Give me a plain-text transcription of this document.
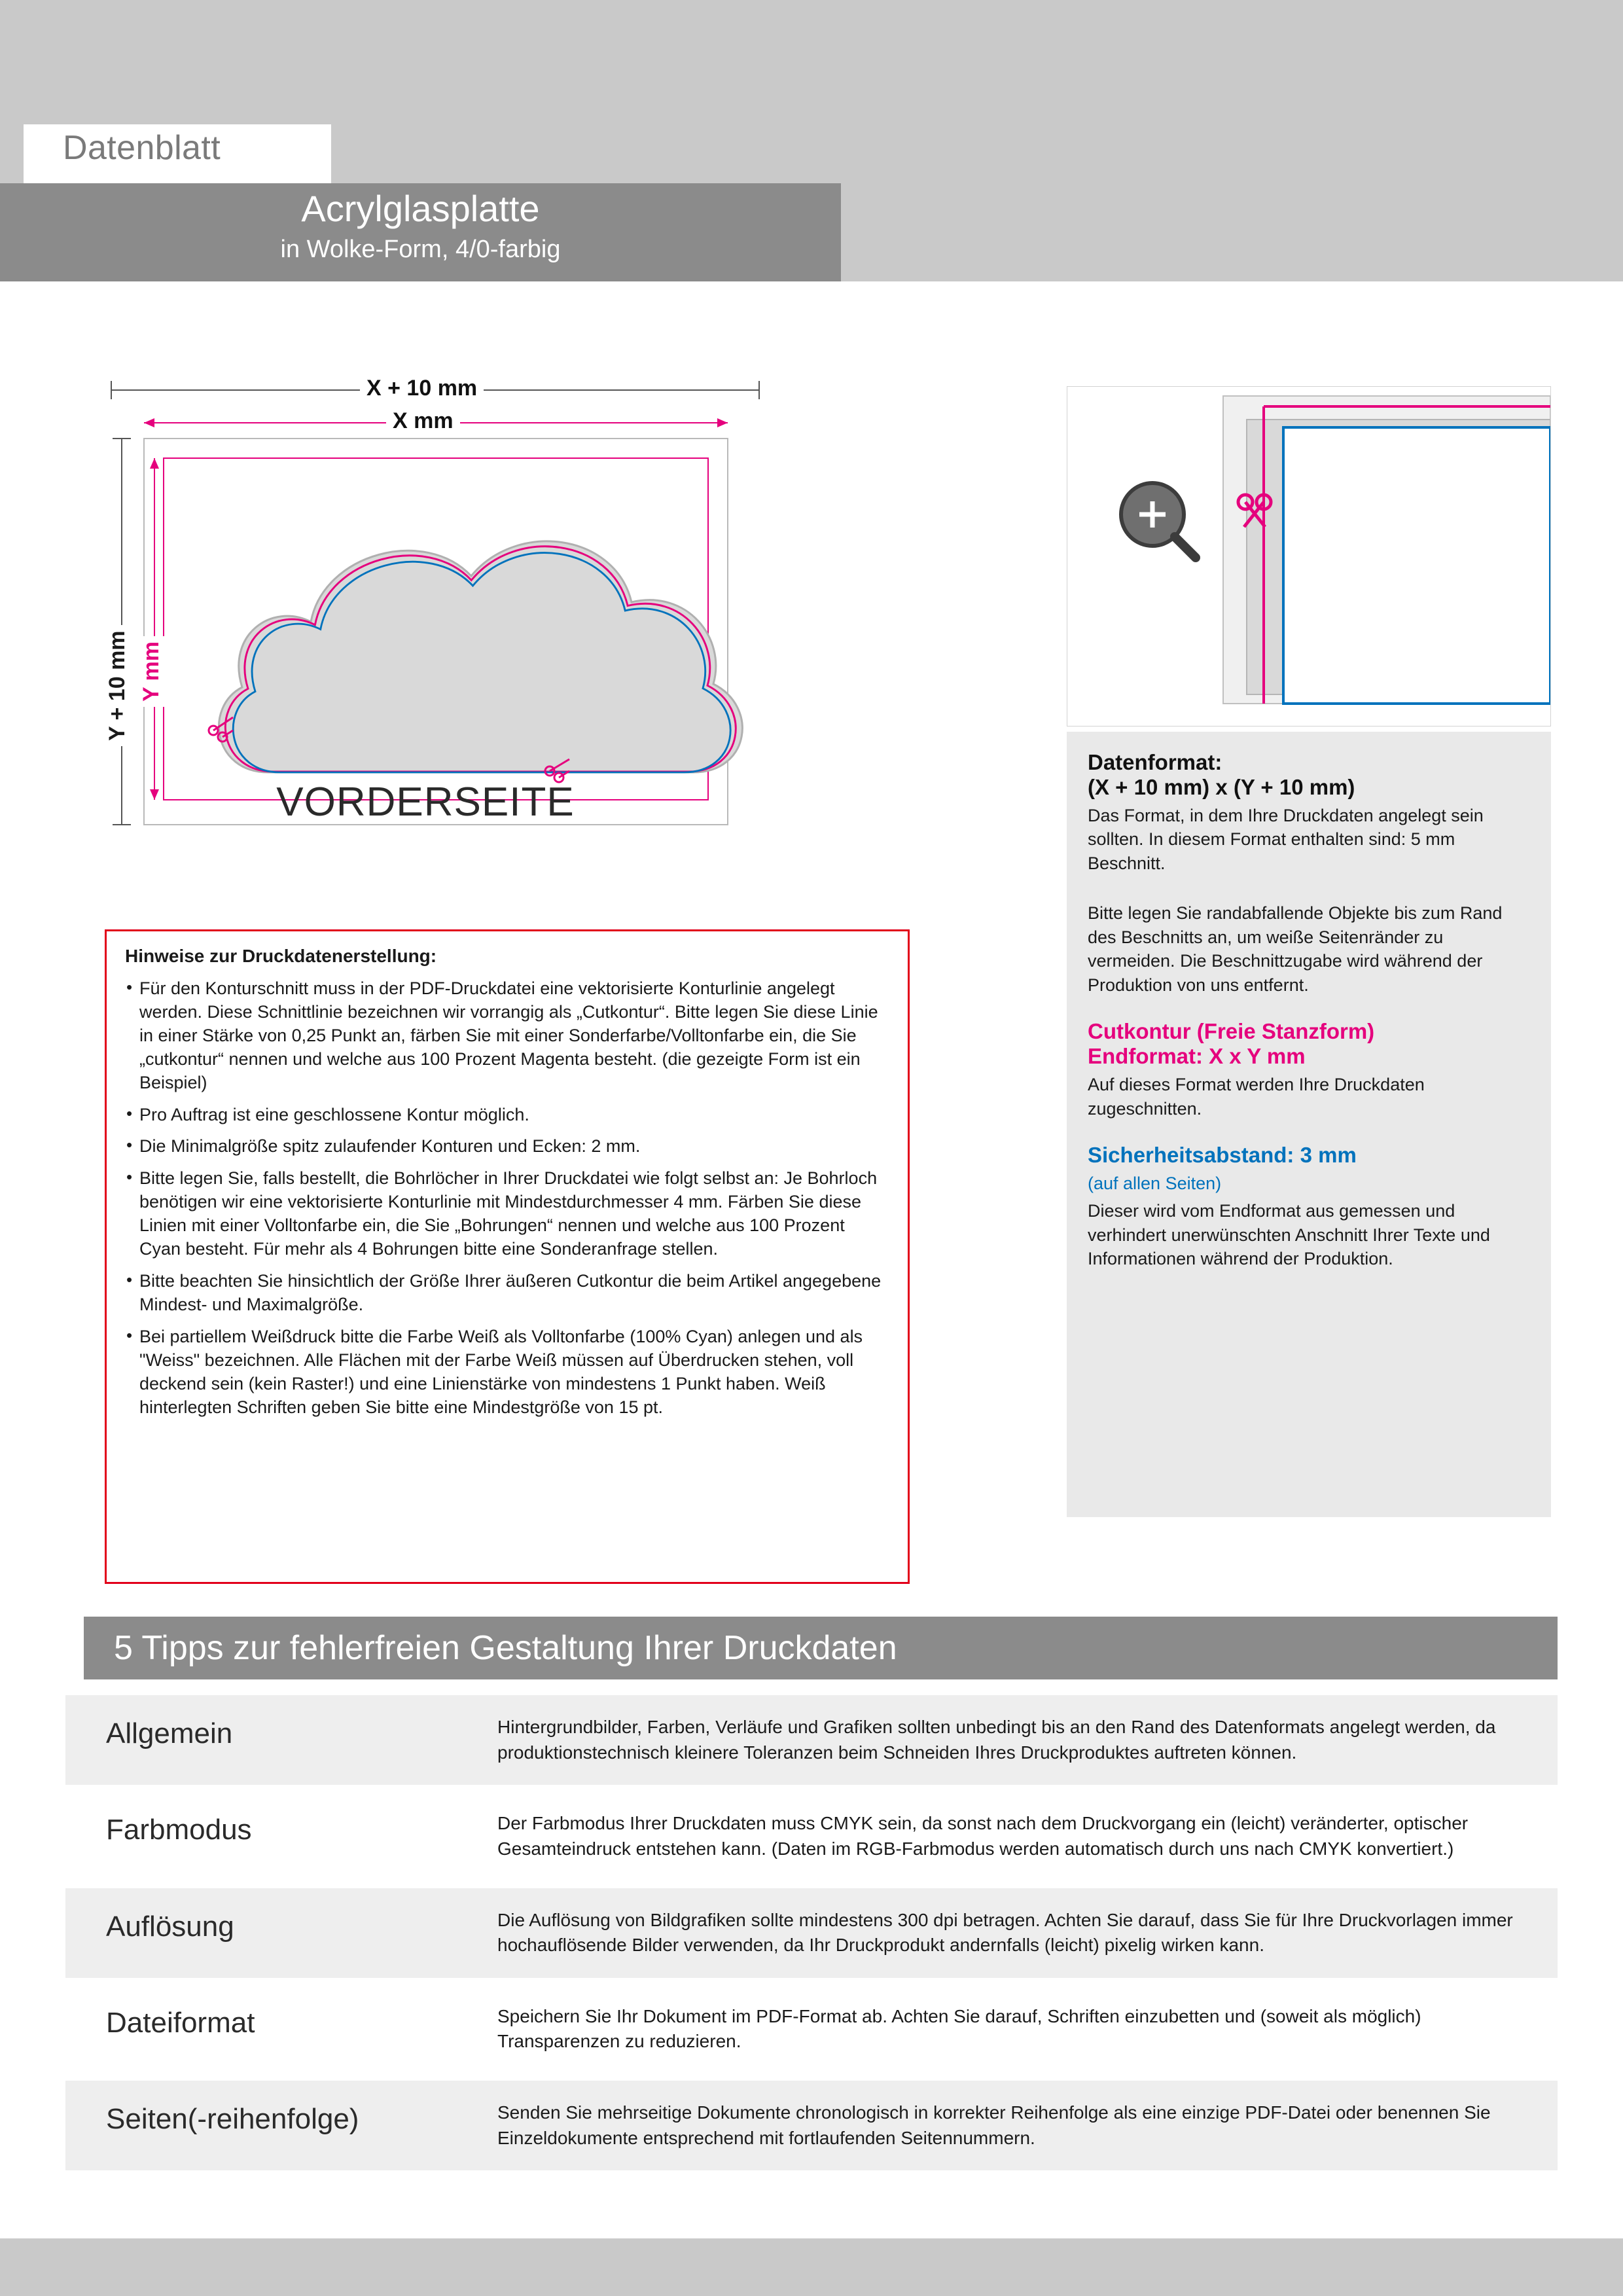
Datenblatt
Acrylglasplatte
in Wolke-Form, 4/0-farbig
X + 10 mm
X mm
Y + 10 mm Y mm
VORDERSEITE
Hinweise zur Druckdatenerstellung:
• Für den Konturschnitt muss in der PDF-Druckdatei eine vektorisierte Konturlinie angelegt werden. Diese Schnittlinie bezeichnen wir vorrangig als „Cutkontur“. Bitte legen Sie diese Linie in einer Stärke von 0,25 Punkt an, färben Sie mit einer Sonderfarbe/Volltonfarbe ein, die Sie „cutkontur“ nennen und welche aus 100 Prozent Magenta besteht. (die gezeigte Form ist ein Beispiel)
• Pro Auftrag ist eine geschlossene Kontur möglich.
• Die Minimalgröße spitz zulaufender Konturen und Ecken: 2 mm.
• Bitte legen Sie, falls bestellt, die Bohrlöcher in Ihrer Druckdatei wie folgt selbst an: Je Bohrloch benötigen wir eine vektorisierte Konturlinie mit Mindestdurchmesser 4 mm. Färben Sie diese Linien mit einer Volltonfarbe ein, die Sie „Bohrungen“ nennen und welche aus 100 Prozent Cyan besteht. Für mehr als 4 Bohrungen bitte eine Sonderanfrage stellen.
• Bitte beachten Sie hinsichtlich der Größe Ihrer äußeren Cutkontur die beim Artikel angegebene Mindest- und Maximalgröße.
• Bei partiellem Weißdruck bitte die Farbe Weiß als Volltonfarbe (100% Cyan) anlegen und als "Weiss" bezeichnen. Alle Flächen mit der Farbe Weiß müssen auf Überdrucken stehen, voll deckend sein (kein Raster!) und eine Linienstärke von mindestens 1 Punkt haben. Weiß hinterlegten Schriften geben Sie bitte eine Mindestgröße von 15 pt.
Datenformat:
(X + 10 mm) x (Y + 10 mm)

Das Format, in dem Ihre Druckdaten angelegt sein sollten. In diesem Format enthalten sind: 5 mm Beschnitt.

Bitte legen Sie randabfallende Objekte bis zum Rand des Beschnitts an, um weiße Seitenränder zu vermeiden. Die Beschnittzugabe wird während der Produktion von uns entfernt.

Cutkontur (Freie Stanzform)
Endformat: X x Y mm

Auf dieses Format werden Ihre Druckdaten zugeschnitten.

Sicherheitsabstand: 3 mm

(auf allen Seiten)

Dieser wird vom Endformat aus gemessen und verhindert unerwünschten Anschnitt Ihrer Texte und Informationen während der Produktion.

5 Tipps zur fehlerfreien Gestaltung Ihrer Druckdaten
Allgemein	Hintergrundbilder, Farben, Verläufe und Grafiken sollten unbedingt bis an den Rand des Datenformats angelegt werden, da produktionstechnisch kleinere Toleranzen beim Schneiden Ihres Druckproduktes auftreten können.
Farbmodus	Der Farbmodus Ihrer Druckdaten muss CMYK sein, da sonst nach dem Druckvorgang ein (leicht) veränderter, optischer Gesamteindruck entstehen kann. (Daten im RGB-Farbmodus werden automatisch durch uns nach CMYK konvertiert.)
Auflösung	Die Auflösung von Bildgrafiken sollte mindestens 300 dpi betragen. Achten Sie darauf, dass Sie für Ihre Druckvorlagen immer hochauflösende Bilder verwenden, da Ihr Druckprodukt andernfalls (leicht) pixelig wirken kann.
Dateiformat	Speichern Sie Ihr Dokument im PDF-Format ab. Achten Sie darauf, Schriften einzubetten und (soweit als möglich) Transparenzen zu reduzieren.
Seiten(-reihenfolge)	Senden Sie mehrseitige Dokumente chronologisch in korrekter Reihenfolge als eine einzige PDF-Datei oder benennen Sie Einzeldokumente entsprechend mit fortlaufenden Seitennummern.
